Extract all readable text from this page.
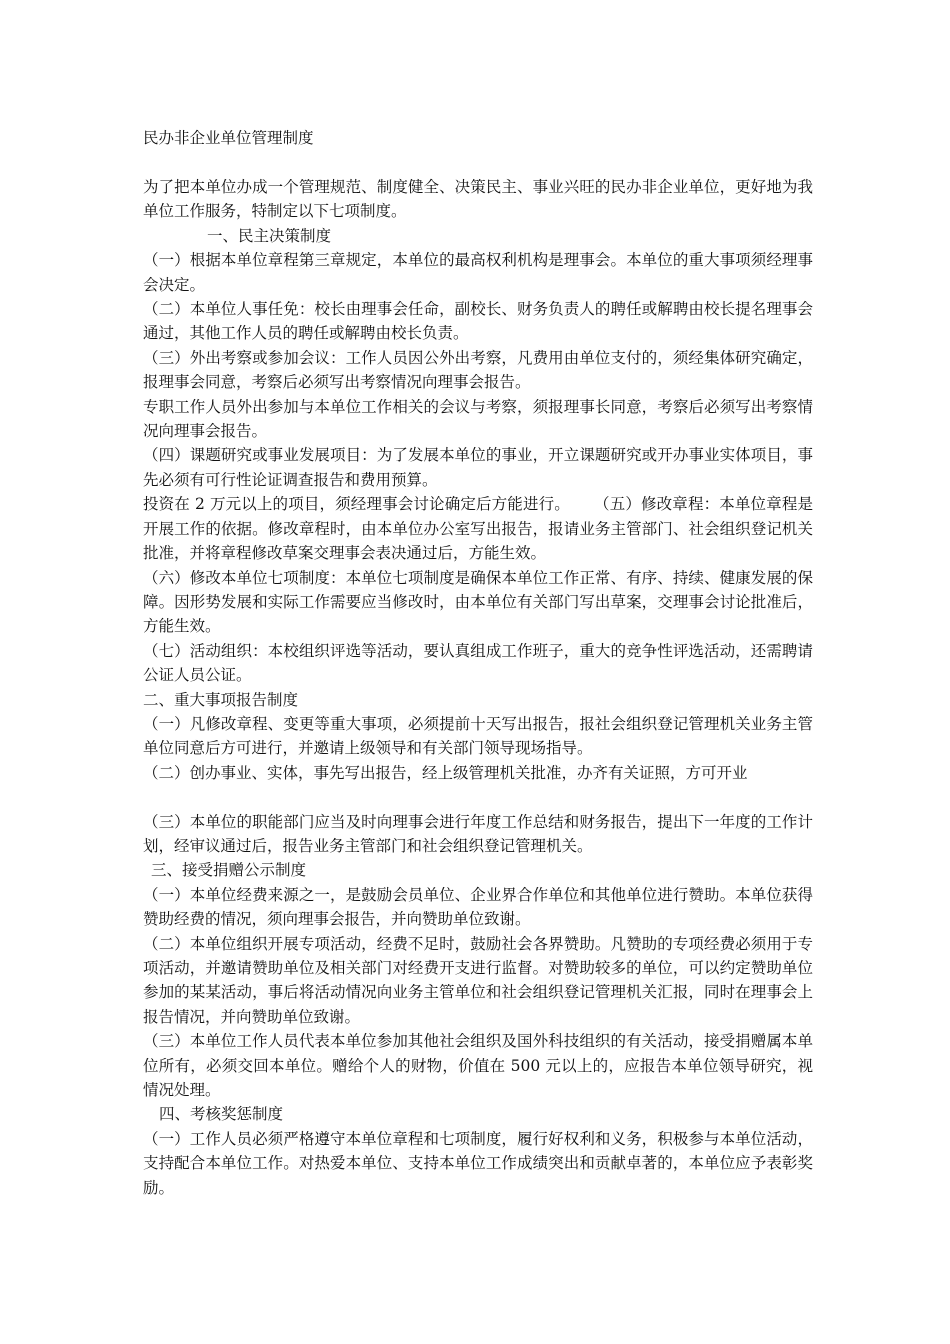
民办非企业单位管理制度

为了把本单位办成一个管理规范、制度健全、决策民主、事业兴旺的民办非企业单位，更好地为我单位工作服务，特制定以下七项制度。

一、民主决策制度

（一）根据本单位章程第三章规定，本单位的最高权利机构是理事会。本单位的重大事项须经理事会决定。

（二）本单位人事任免：校长由理事会任命，副校长、财务负责人的聘任或解聘由校长提名理事会通过，其他工作人员的聘任或解聘由校长负责。

（三）外出考察或参加会议：工作人员因公外出考察，凡费用由单位支付的，须经集体研究确定，报理事会同意，考察后必须写出考察情况向理事会报告。

专职工作人员外出参加与本单位工作相关的会议与考察，须报理事长同意，考察后必须写出考察情况向理事会报告。

（四）课题研究或事业发展项目：为了发展本单位的事业，开立课题研究或开办事业实体项目，事先必须有可行性论证调查报告和费用预算。

投资在 2 万元以上的项目，须经理事会讨论确定后方能进行。 （五）修改章程：本单位章程是开展工作的依据。修改章程时，由本单位办公室写出报告，报请业务主管部门、社会组织登记机关批准，并将章程修改草案交理事会表决通过后，方能生效。

（六）修改本单位七项制度：本单位七项制度是确保本单位工作正常、有序、持续、健康发展的保障。因形势发展和实际工作需要应当修改时，由本单位有关部门写出草案，交理事会讨论批准后，方能生效。

（七）活动组织：本校组织评选等活动，要认真组成工作班子，重大的竞争性评选活动，还需聘请公证人员公证。

二、重大事项报告制度

（一）凡修改章程、变更等重大事项，必须提前十天写出报告，报社会组织登记管理机关业务主管单位同意后方可进行，并邀请上级领导和有关部门领导现场指导。

（二）创办事业、实体，事先写出报告，经上级管理机关批准，办齐有关证照，方可开业

（三）本单位的职能部门应当及时向理事会进行年度工作总结和财务报告，提出下一年度的工作计划，经审议通过后，报告业务主管部门和社会组织登记管理机关。

三、接受捐赠公示制度

（一）本单位经费来源之一，是鼓励会员单位、企业界合作单位和其他单位进行赞助。本单位获得赞助经费的情况，须向理事会报告，并向赞助单位致谢。

（二）本单位组织开展专项活动，经费不足时，鼓励社会各界赞助。凡赞助的专项经费必须用于专项活动，并邀请赞助单位及相关部门对经费开支进行监督。对赞助较多的单位，可以约定赞助单位参加的某某活动，事后将活动情况向业务主管单位和社会组织登记管理机关汇报，同时在理事会上报告情况，并向赞助单位致谢。

（三）本单位工作人员代表本单位参加其他社会组织及国外科技组织的有关活动，接受捐赠属本单位所有，必须交回本单位。赠给个人的财物，价值在 500 元以上的，应报告本单位领导研究，视情况处理。

四、考核奖惩制度

（一）工作人员必须严格遵守本单位章程和七项制度，履行好权利和义务，积极参与本单位活动，支持配合本单位工作。对热爱本单位、支持本单位工作成绩突出和贡献卓著的，本单位应予表彰奖励。
